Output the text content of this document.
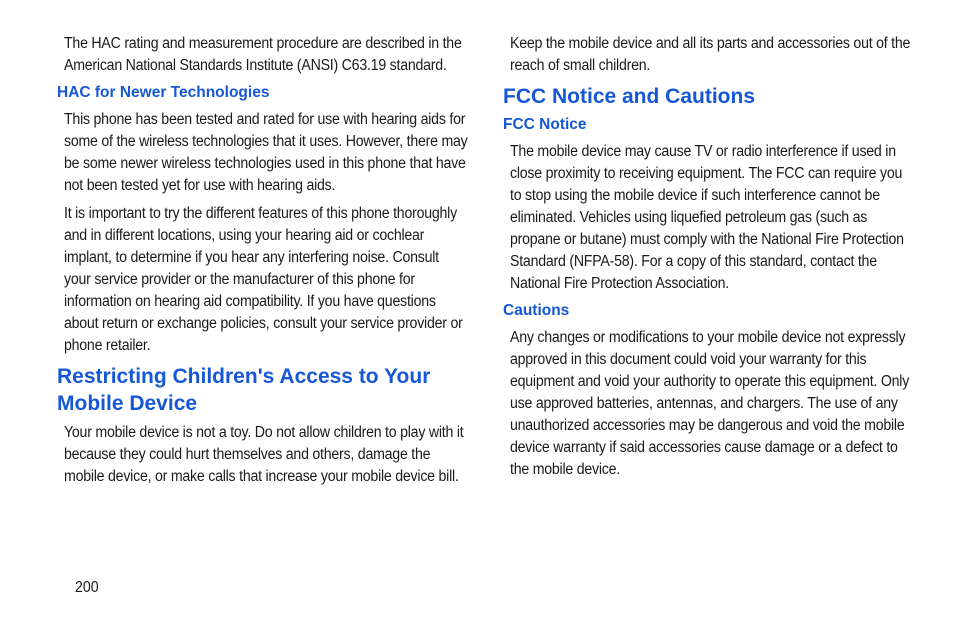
The HAC rating and measurement procedure are described in the American National Standards Institute (ANSI) C63.19 standard.

HAC for Newer Technologies

This phone has been tested and rated for use with hearing aids for some of the wireless technologies that it uses. However, there may be some newer wireless technologies used in this phone that have not been tested yet for use with hearing aids.

It is important to try the different features of this phone thoroughly and in different locations, using your hearing aid or cochlear implant, to determine if you hear any interfering noise. Consult your service provider or the manufacturer of this phone for information on hearing aid compatibility. If you have questions about return or exchange policies, consult your service provider or phone retailer.

Restricting Children's Access to Your Mobile Device

Your mobile device is not a toy. Do not allow children to play with it because they could hurt themselves and others, damage the mobile device, or make calls that increase your mobile device bill.

Keep the mobile device and all its parts and accessories out of the reach of small children.

FCC Notice and Cautions
FCC Notice

The mobile device may cause TV or radio interference if used in close proximity to receiving equipment. The FCC can require you to stop using the mobile device if such interference cannot be eliminated. Vehicles using liquefied petroleum gas (such as propane or butane) must comply with the National Fire Protection Standard (NFPA-58). For a copy of this standard, contact the National Fire Protection Association.

Cautions

Any changes or modifications to your mobile device not expressly approved in this document could void your warranty for this equipment and void your authority to operate this equipment. Only use approved batteries, antennas, and chargers. The use of any unauthorized accessories may be dangerous and void the mobile device warranty if said accessories cause damage or a defect to the mobile device.

200
